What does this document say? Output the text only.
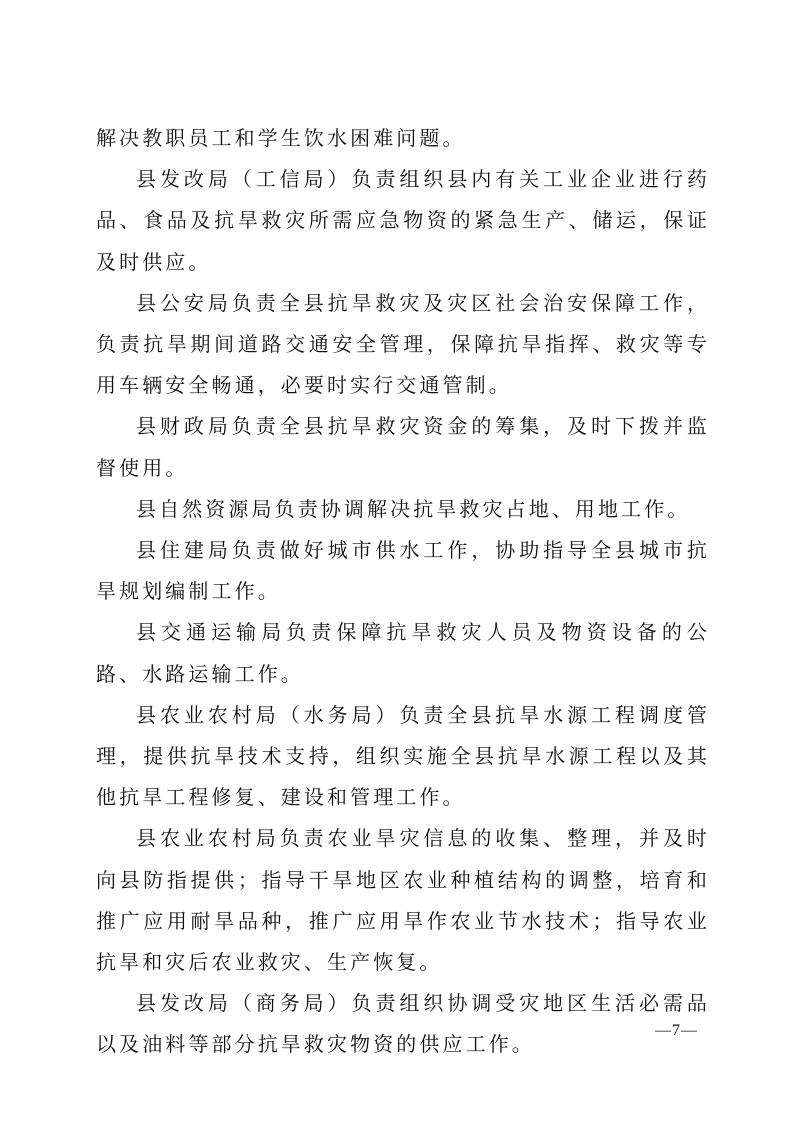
解决教职员工和学生饮水困难问题。

县发改局（工信局）负责组织县内有关工业企业进行药品、食品及抗旱救灾所需应急物资的紧急生产、储运，保证及时供应。

县公安局负责全县抗旱救灾及灾区社会治安保障工作，负责抗旱期间道路交通安全管理，保障抗旱指挥、救灾等专用车辆安全畅通，必要时实行交通管制。

县财政局负责全县抗旱救灾资金的筹集，及时下拨并监督使用。

县自然资源局负责协调解决抗旱救灾占地、用地工作。

县住建局负责做好城市供水工作，协助指导全县城市抗旱规划编制工作。

县交通运输局负责保障抗旱救灾人员及物资设备的公路、水路运输工作。

县农业农村局（水务局）负责全县抗旱水源工程调度管理，提供抗旱技术支持，组织实施全县抗旱水源工程以及其他抗旱工程修复、建设和管理工作。

县农业农村局负责农业旱灾信息的收集、整理，并及时向县防指提供；指导干旱地区农业种植结构的调整，培育和推广应用耐旱品种，推广应用旱作农业节水技术；指导农业抗旱和灾后农业救灾、生产恢复。

县发改局（商务局）负责组织协调受灾地区生活必需品以及油料等部分抗旱救灾物资的供应工作。

—7—
